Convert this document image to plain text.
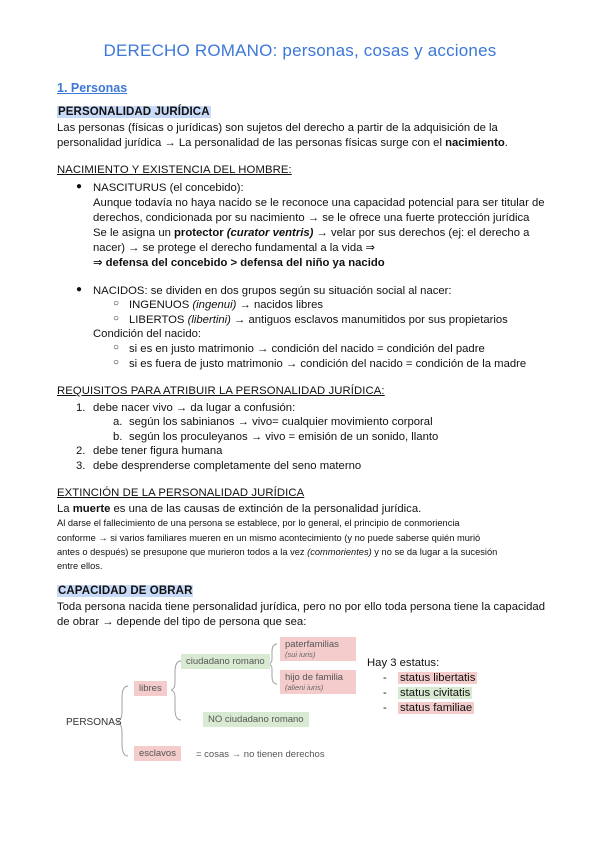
DERECHO ROMANO: personas, cosas y acciones
1. Personas
PERSONALIDAD JURÍDICA
Las personas (físicas o jurídicas) son sujetos del derecho a partir de la adquisición de la
personalidad jurídica → La personalidad de las personas físicas surge con el nacimiento.
NACIMIENTO Y EXISTENCIA DEL HOMBRE:
● NASCITURUS (el concebido):
Aunque todavía no haya nacido se le reconoce una capacidad potencial para ser titular de
derechos, condicionada por su nacimiento → se le ofrece una fuerte protección jurídica
Se le asigna un protector (curator ventris) → velar por sus derechos (ej: el derecho a
nacer) → se protege el derecho fundamental a la vida ⇒
⇒ defensa del concebido > defensa del niño ya nacido
● NACIDOS: se dividen en dos grupos según su situación social al nacer:
○ INGENUOS (ingenui) → nacidos libres
○ LIBERTOS (libertini) → antiguos esclavos manumitidos por sus propietarios
Condición del nacido:
○ si es en justo matrimonio → condición del nacido = condición del padre
○ si es fuera de justo matrimonio → condición del nacido = condición de la madre
REQUISITOS PARA ATRIBUIR LA PERSONALIDAD JURÍDICA:
1. debe nacer vivo → da lugar a confusión:
a. según los sabinianos → vivo= cualquier movimiento corporal
b. según los proculeyanos → vivo = emisión de un sonido, llanto
2. debe tener figura humana
3. debe desprenderse completamente del seno materno
EXTINCIÓN DE LA PERSONALIDAD JURÍDICA
La muerte es una de las causas de extinción de la personalidad jurídica.
Al darse el fallecimiento de una persona se establece, por lo general, el principio de conmoriencia
conforme → si varios familiares mueren en un mismo acontecimiento (y no puede saberse quién murió
antes o después) se presupone que murieron todos a la vez (commorientes) y no se da lugar a la sucesión
entre ellos.
CAPACIDAD DE OBRAR
Toda persona nacida tiene personalidad jurídica, pero no por ello toda persona tiene la capacidad
de obrar → depende del tipo de persona que sea:
PERSONAS
libres
ciudadano romano
paterfamilias
(sui iuris)
hijo de familia
(alieni iuris)
NO ciudadano romano
esclavos	= cosas → no tienen derechos
Hay 3 estatus:
- status libertatis
- status civitatis
- status familiae
